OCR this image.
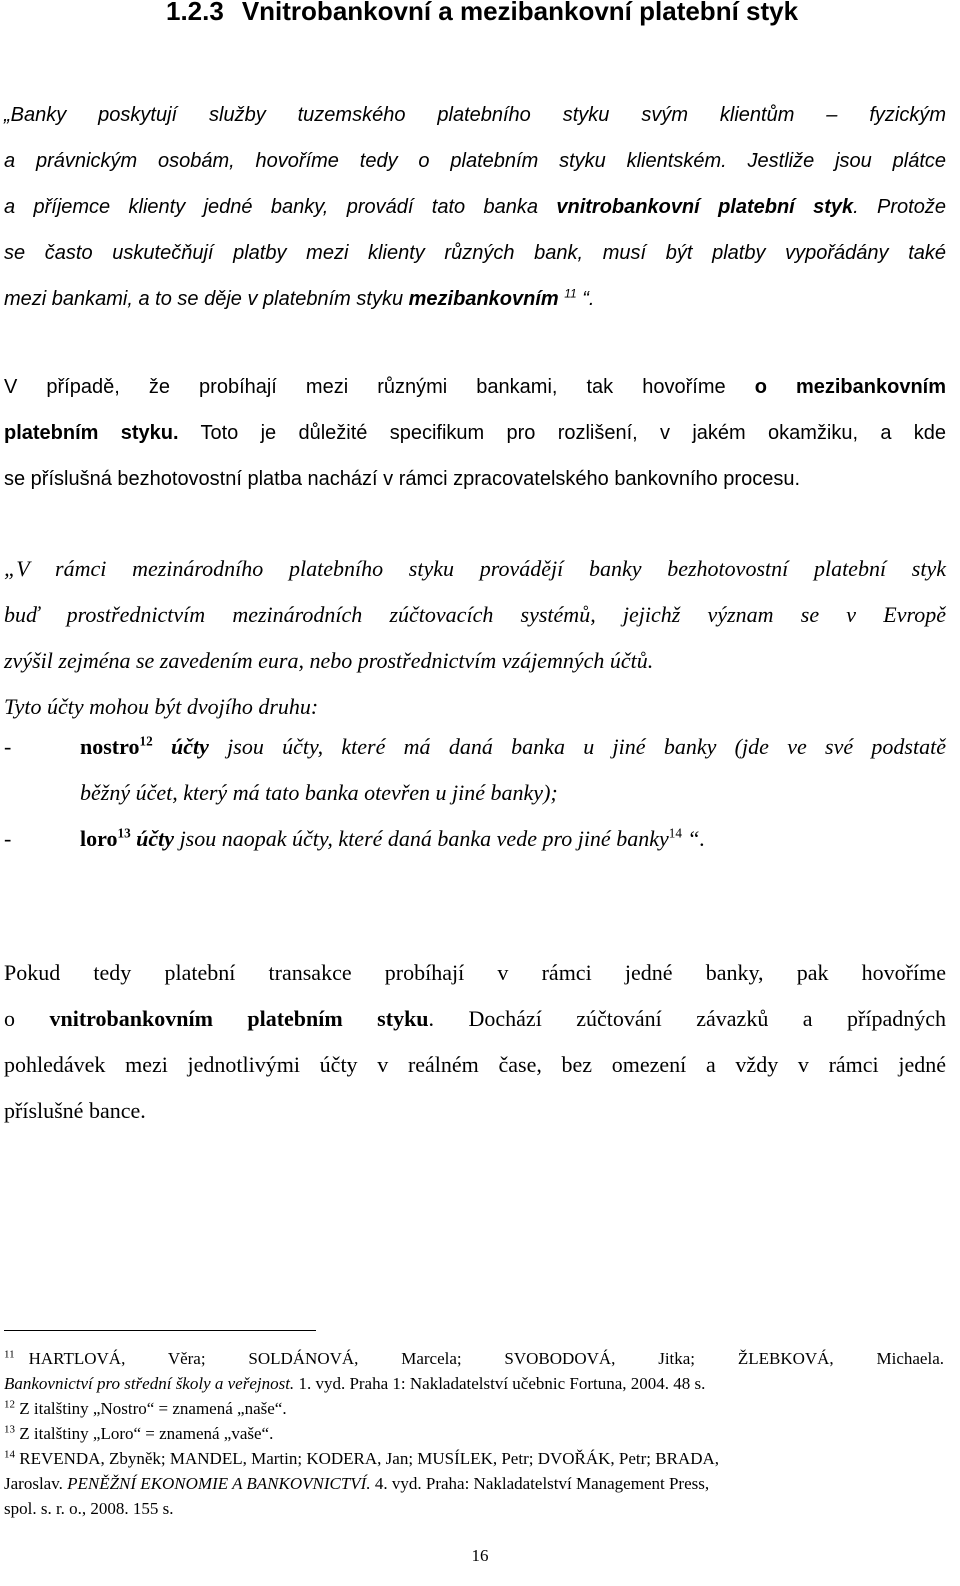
1.2.3 Vnitrobankovní a mezibankovní platební styk
„Banky poskytují služby tuzemského platebního styku svým klientům – fyzickým
a právnickým osobám, hovoříme tedy o platebním styku klientském. Jestliže jsou plátce
a příjemce klienty jedné banky, provádí tato banka vnitrobankovní platební styk. Protože
se často uskutečňují platby mezi klienty různých bank, musí být platby vypořádány také
mezi bankami, a to se děje v platebním styku mezibankovním $^{11}$ “.
V případě, že probíhají mezi různými bankami, tak hovoříme o mezibankovním
platebním styku. Toto je důležité specifikum pro rozlišení, v jakém okamžiku, a kde
se příslušná bezhotovostní platba nachází v rámci zpracovatelského bankovního procesu.
„V rámci mezinárodního platebního styku provádějí banky bezhotovostní platební styk
buď prostřednictvím mezinárodních zúčtovacích systémů, jejichž význam se v Evropě
zvýšil zejména se zavedením eura, nebo prostřednictvím vzájemných účtů.
Tyto účty mohou být dvojího druhu:
-	nostro$^{12}$ účty jsou účty, které má daná banka u jiné banky (jde ve své podstatě
běžný účet, který má tato banka otevřen u jiné banky);
-	loro$^{13}$ účty jsou naopak účty, které daná banka vede pro jiné banky$^{14}$ “.
Pokud tedy platební transakce probíhají v rámci jedné banky, pak hovoříme
o vnitrobankovním platebním styku. Dochází zúčtování závazků a případných
pohledávek mezi jednotlivými účty v reálném čase, bez omezení a vždy v rámci jedné
příslušné bance.
$^{11}$ HARTLOVÁ, Věra; SOLDÁNOVÁ, Marcela; SVOBODOVÁ, Jitka; ŽLEBKOVÁ, Michaela.
Bankovnictví pro střední školy a veřejnost. 1. vyd. Praha 1: Nakladatelství učebnic Fortuna, 2004. 48 s.
$^{12}$ Z italštiny „Nostro“ = znamená „naše“.
$^{13}$ Z italštiny „Loro“ = znamená „vaše“.
$^{14}$ REVENDA, Zbyněk; MANDEL, Martin; KODERA, Jan; MUSÍLEK, Petr; DVOŘÁK, Petr; BRADA,
Jaroslav. PENĚŽNÍ EKONOMIE A BANKOVNICTVÍ. 4. vyd. Praha: Nakladatelství Management Press,
spol. s. r. o., 2008. 155 s.
16
